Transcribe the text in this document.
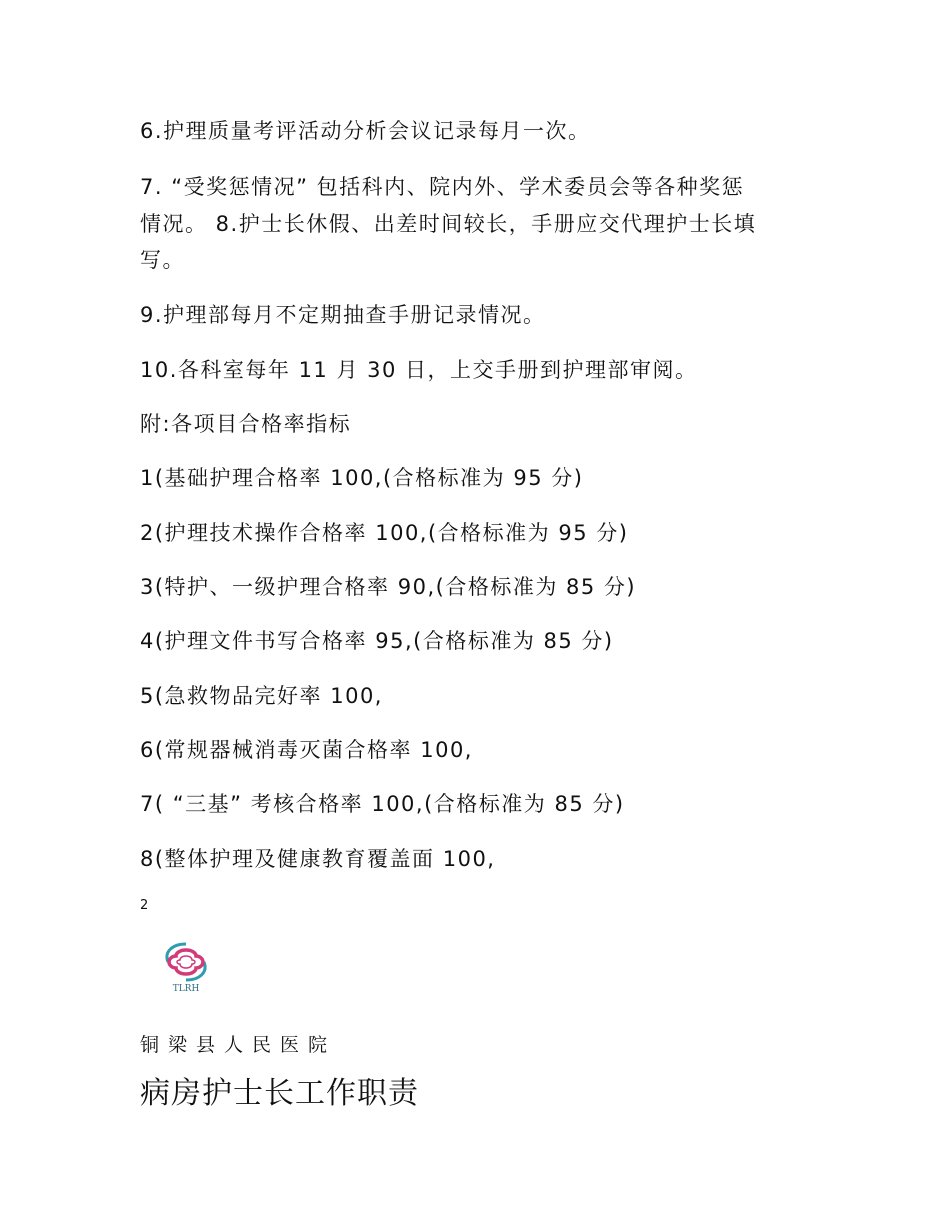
6.护理质量考评活动分析会议记录每月一次。
7. “受奖惩情况” 包括科内、院内外、学术委员会等各种奖惩
情况。 8.护士长休假、出差时间较长，手册应交代理护士长填
写。
9.护理部每月不定期抽查手册记录情况。
10.各科室每年 11 月 30 日，上交手册到护理部审阅。
附:各项目合格率指标
1(基础护理合格率 100,(合格标准为 95 分)
2(护理技术操作合格率 100,(合格标准为 95 分)
3(特护、一级护理合格率 90,(合格标准为 85 分)
4(护理文件书写合格率 95,(合格标准为 85 分)
5(急救物品完好率 100,
6(常规器械消毒灭菌合格率 100,
7( “三基” 考核合格率 100,(合格标准为 85 分)
8(整体护理及健康教育覆盖面 100,
2
TLRH
铜梁县人民医院
病房护士长工作职责
